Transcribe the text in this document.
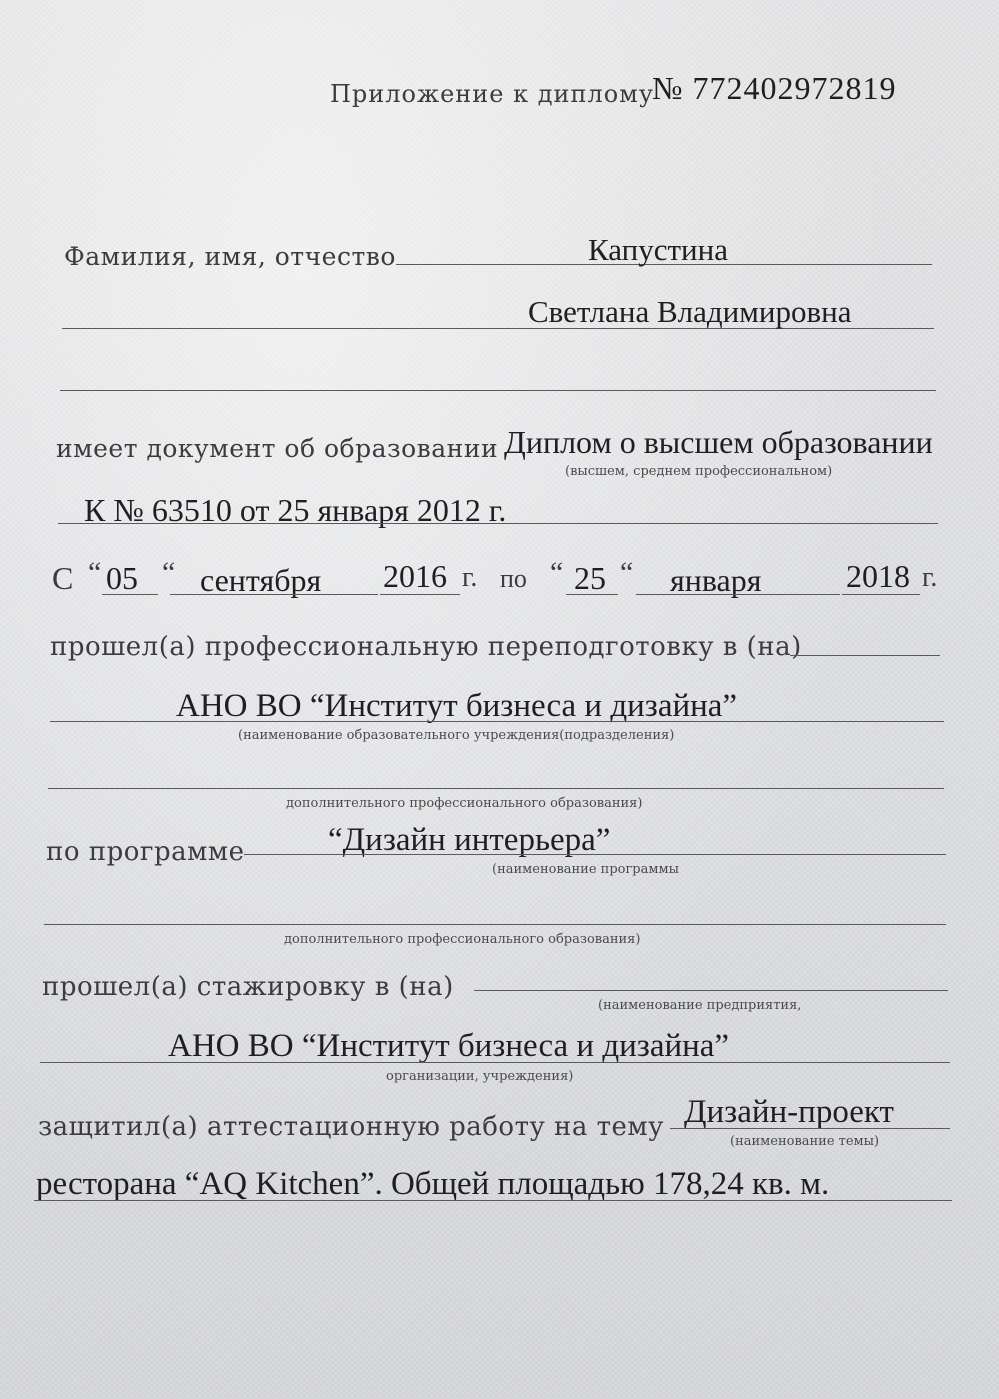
Приложение к диплому
№ 772402972819
Фамилия, имя, отчество	Капустина
Светлана Владимировна
имеет документ об образовании Диплом о высшем образовании
(высшем, среднем профессиональном)
К № 63510 от 25 января 2012 г.
С “ 05 “ сентября 2016 г. по “ 25 “ января	2018 г.
прошел(а) профессиональную переподготовку в (на)
АНО ВО “Институт бизнеса и дизайна”
(наименование образовательного учреждения(подразделения)
дополнительного профессионального образования)
по программе	“Дизайн интерьера”
(наименование программы
дополнительного профессионального образования)
прошел(а) стажировку в (на)
(наименование предприятия,
АНО ВО “Институт бизнеса и дизайна”
организации, учреждения)
защитил(а) аттестационную работу на тему Дизайн-проект
(наименование темы)
ресторана “AQ Kitchen”. Общей площадью 178,24 кв. м.
